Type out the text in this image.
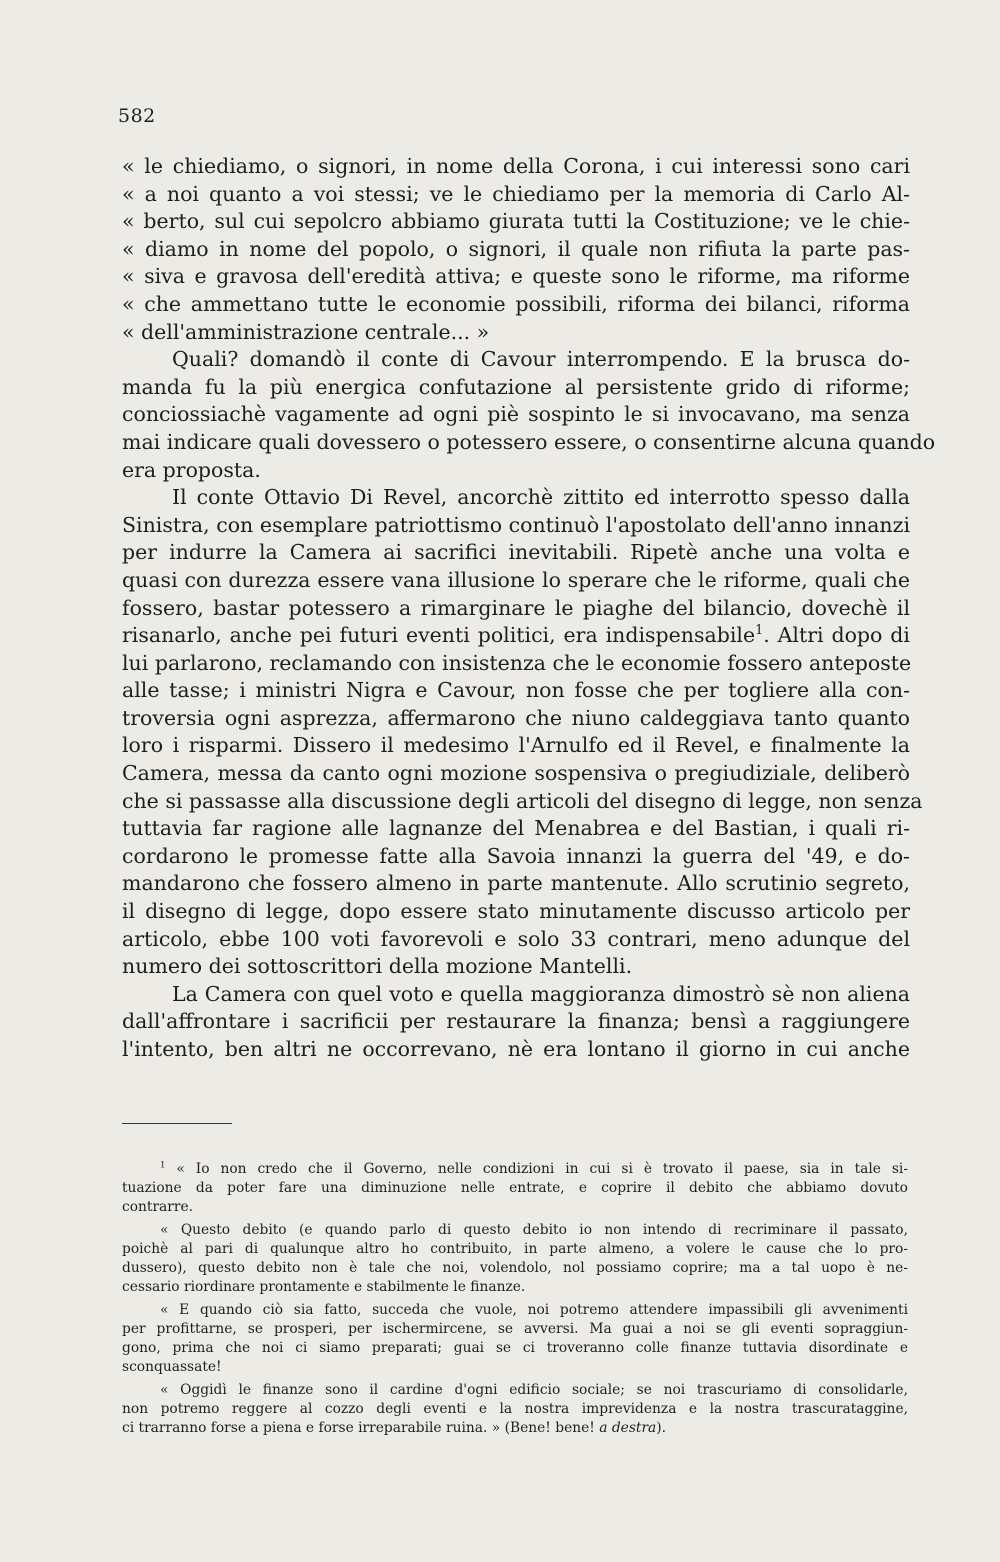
582
« le chiediamo, o signori, in nome della Corona, i cui interessi sono cari
« a noi quanto a voi stessi; ve le chiediamo per la memoria di Carlo Al-
« berto, sul cui sepolcro abbiamo giurata tutti la Costituzione; ve le chie-
« diamo in nome del popolo, o signori, il quale non rifiuta la parte pas-
« siva e gravosa dell'eredità attiva; e queste sono le riforme, ma riforme
« che ammettano tutte le economie possibili, riforma dei bilanci, riforma
« dell'amministrazione centrale... »
Quali? domandò il conte di Cavour interrompendo. E la brusca do-
manda fu la più energica confutazione al persistente grido di riforme;
conciossiachè vagamente ad ogni piè sospinto le si invocavano, ma senza
mai indicare quali dovessero o potessero essere, o consentirne alcuna quando
era proposta.
Il conte Ottavio Di Revel, ancorchè zittito ed interrotto spesso dalla
Sinistra, con esemplare patriottismo continuò l'apostolato dell'anno innanzi
per indurre la Camera ai sacrifici inevitabili. Ripetè anche una volta e
quasi con durezza essere vana illusione lo sperare che le riforme, quali che
fossero, bastar potessero a rimarginare le piaghe del bilancio, dovechè il
risanarlo, anche pei futuri eventi politici, era indispensabile$^1$. Altri dopo di
lui parlarono, reclamando con insistenza che le economie fossero anteposte
alle tasse; i ministri Nigra e Cavour, non fosse che per togliere alla con-
troversia ogni asprezza, affermarono che niuno caldeggiava tanto quanto
loro i risparmi. Dissero il medesimo l'Arnulfo ed il Revel, e finalmente la
Camera, messa da canto ogni mozione sospensiva o pregiudiziale, deliberò
che si passasse alla discussione degli articoli del disegno di legge, non senza
tuttavia far ragione alle lagnanze del Menabrea e del Bastian, i quali ri-
cordarono le promesse fatte alla Savoia innanzi la guerra del '49, e do-
mandarono che fossero almeno in parte mantenute. Allo scrutinio segreto,
il disegno di legge, dopo essere stato minutamente discusso articolo per
articolo, ebbe 100 voti favorevoli e solo 33 contrari, meno adunque del
numero dei sottoscrittori della mozione Mantelli.
La Camera con quel voto e quella maggioranza dimostrò sè non aliena
dall'affrontare i sacrificii per restaurare la finanza; bensì a raggiungere
l'intento, ben altri ne occorrevano, nè era lontano il giorno in cui anche
$^1$ « Io non credo che il Governo, nelle condizioni in cui si è trovato il paese, sia in tale si-
tuazione da poter fare una diminuzione nelle entrate, e coprire il debito che abbiamo dovuto
contrarre.
« Questo debito (e quando parlo di questo debito io non intendo di recriminare il passato,
poichè al pari di qualunque altro ho contribuito, in parte almeno, a volere le cause che lo pro-
dussero), questo debito non è tale che noi, volendolo, nol possiamo coprire; ma a tal uopo è ne-
cessario riordinare prontamente e stabilmente le finanze.
« E quando ciò sia fatto, succeda che vuole, noi potremo attendere impassibili gli avvenimenti
per profittarne, se prosperi, per ischermircene, se avversi. Ma guai a noi se gli eventi sopraggiun-
gono, prima che noi ci siamo preparati; guai se ci troveranno colle finanze tuttavia disordinate e
sconquassate!
« Oggidì le finanze sono il cardine d'ogni edificio sociale; se noi trascuriamo di consolidarle,
non potremo reggere al cozzo degli eventi e la nostra imprevidenza e la nostra trascurataggine,
ci trarranno forse a piena e forse irreparabile ruina. » (Bene! bene! a destra).
